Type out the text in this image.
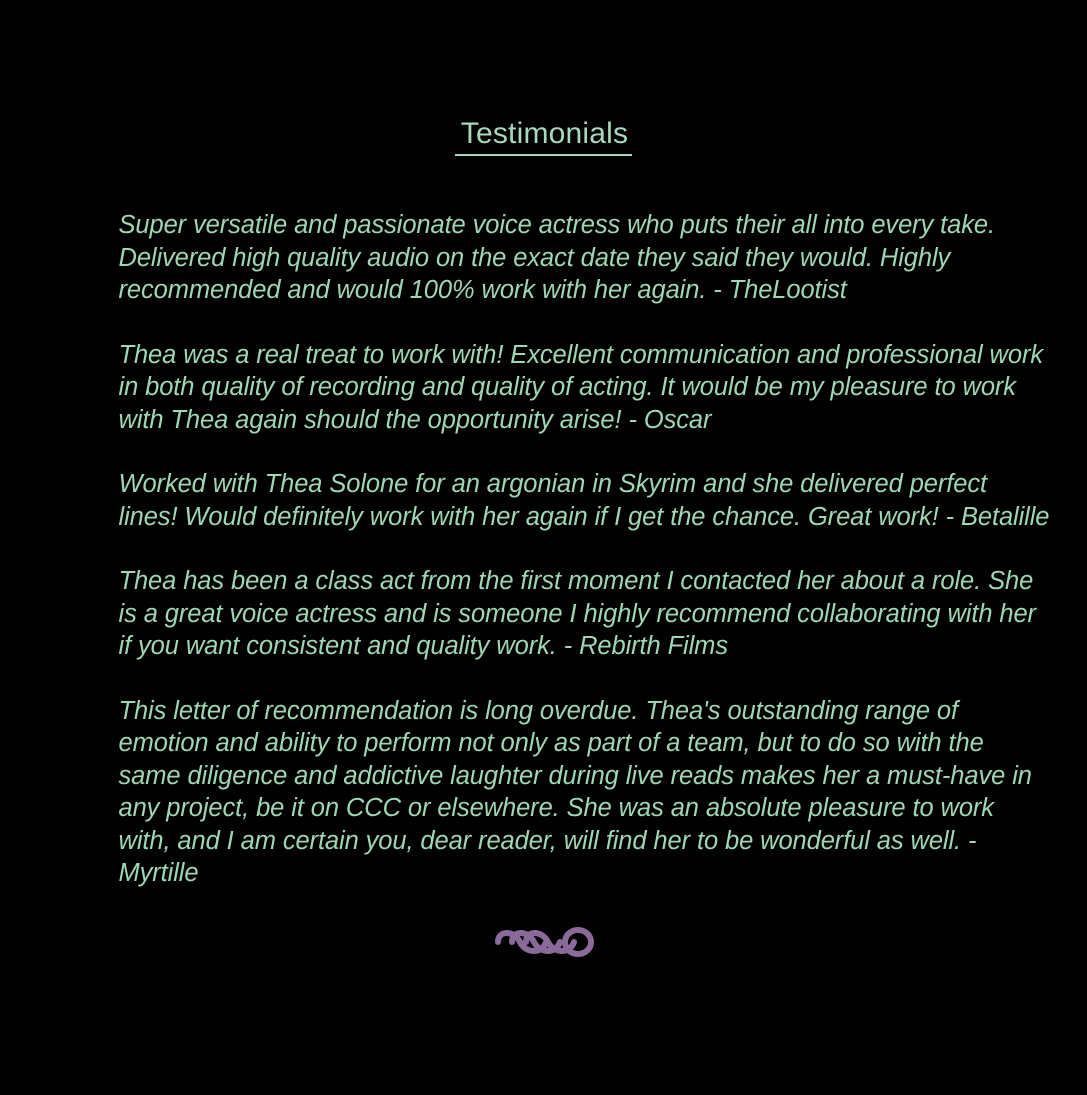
Testimonials

Super versatile and passionate voice actress who puts their all into every take. Delivered high quality audio on the exact date they said they would. Highly recommended and would 100% work with her again. - TheLootist

Thea was a real treat to work with! Excellent communication and professional work in both quality of recording and quality of acting. It would be my pleasure to work with Thea again should the opportunity arise! - Oscar

Worked with Thea Solone for an argonian in Skyrim and she delivered perfect lines! Would definitely work with her again if I get the chance. Great work! - Betalille

Thea has been a class act from the first moment I contacted her about a role. She is a great voice actress and is someone I highly recommend collaborating with her if you want consistent and quality work. - Rebirth Films

This letter of recommendation is long overdue. Thea's outstanding range of emotion and ability to perform not only as part of a team, but to do so with the same diligence and addictive laughter during live reads makes her a must-have in any project, be it on CCC or elsewhere. She was an absolute pleasure to work with, and I am certain you, dear reader, will find her to be wonderful as well. - Myrtille
